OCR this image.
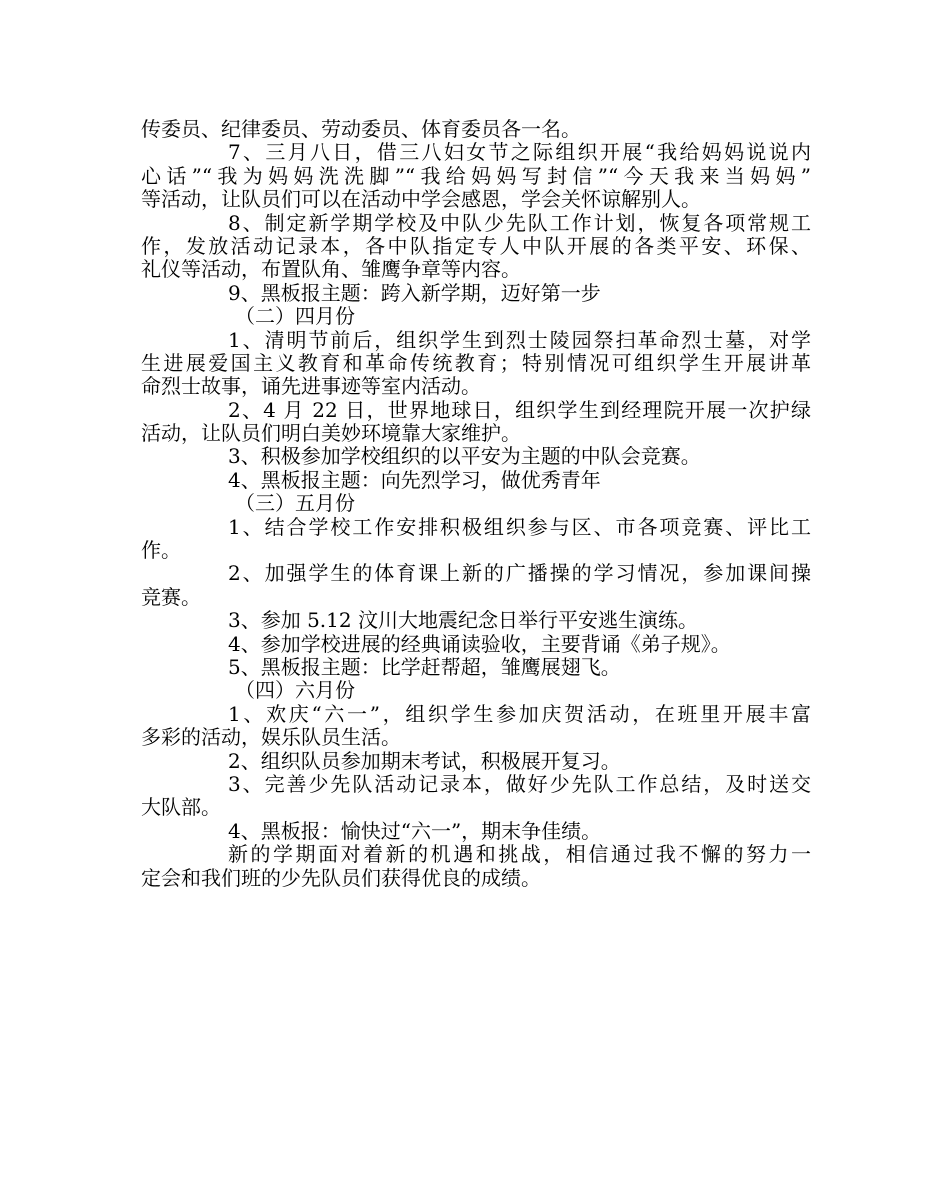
传委员、纪律委员、劳动委员、体育委员各一名。
7、三月八日，借三八妇女节之际组织开展“我给妈妈说说内
心话”“我为妈妈洗洗脚”“我给妈妈写封信”“今天我来当妈妈”
等活动，让队员们可以在活动中学会感恩，学会关怀谅解别人。
8、制定新学期学校及中队少先队工作计划，恢复各项常规工
作，发放活动记录本，各中队指定专人中队开展的各类平安、环保、
礼仪等活动，布置队角、雏鹰争章等内容。
9、黑板报主题：跨入新学期，迈好第一步
（二）四月份
1、清明节前后，组织学生到烈士陵园祭扫革命烈士墓，对学
生进展爱国主义教育和革命传统教育；特别情况可组织学生开展讲革
命烈士故事，诵先进事迹等室内活动。
2、4 月 22 日，世界地球日，组织学生到经理院开展一次护绿
活动，让队员们明白美妙环境靠大家维护。
3、积极参加学校组织的以平安为主题的中队会竞赛。
4、黑板报主题：向先烈学习，做优秀青年
（三）五月份
1、结合学校工作安排积极组织参与区、市各项竞赛、评比工
作。
2、加强学生的体育课上新的广播操的学习情况，参加课间操
竞赛。
3、参加 5.12 汶川大地震纪念日举行平安逃生演练。
4、参加学校进展的经典诵读验收，主要背诵《弟子规》。
5、黑板报主题：比学赶帮超，雏鹰展翅飞。
（四）六月份
1、欢庆“六一”，组织学生参加庆贺活动，在班里开展丰富
多彩的活动，娱乐队员生活。
2、组织队员参加期末考试，积极展开复习。
3、完善少先队活动记录本，做好少先队工作总结，及时送交
大队部。
4、黑板报：愉快过“六一”，期末争佳绩。
新的学期面对着新的机遇和挑战，相信通过我不懈的努力一
定会和我们班的少先队员们获得优良的成绩。
